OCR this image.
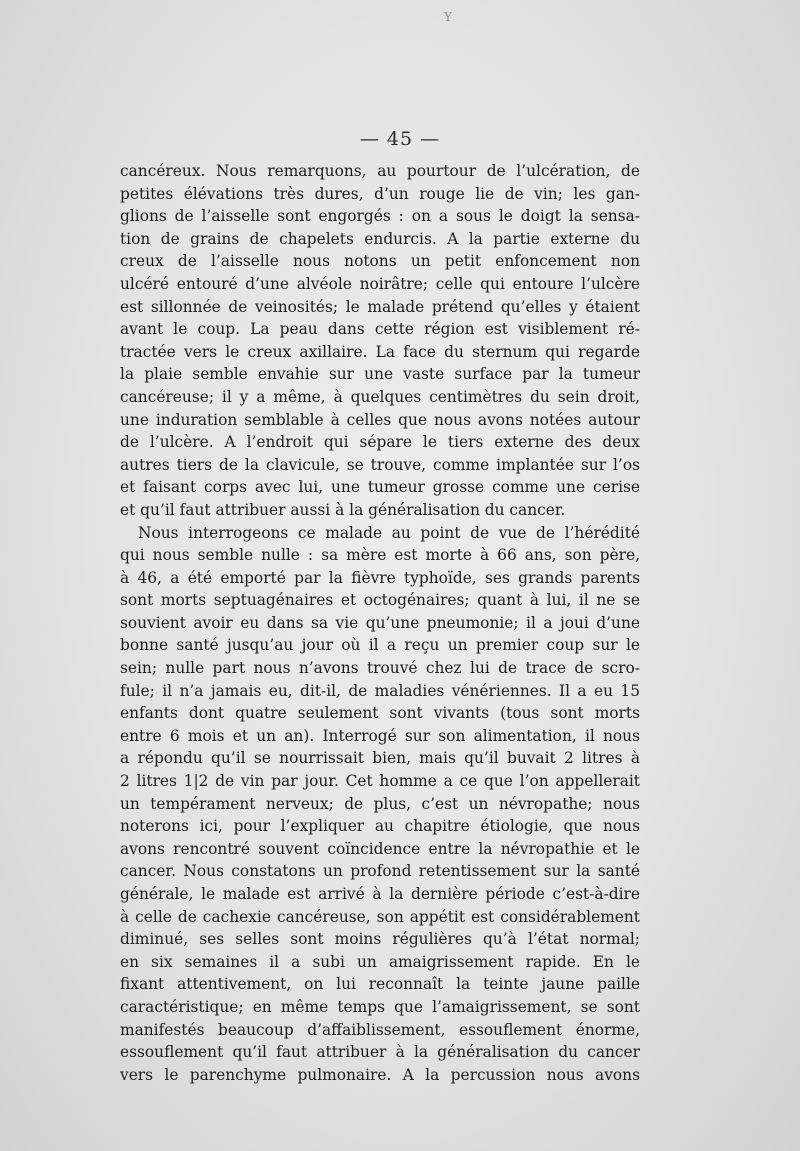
Y
— 45 —
cancéreux. Nous remarquons, au pourtour de l’ulcération, de
petites élévations très dures, d’un rouge lie de vin; les gan-
glions de l’aisselle sont engorgés : on a sous le doigt la sensa-
tion de grains de chapelets endurcis. A la partie externe du
creux de l’aisselle nous notons un petit enfoncement non
ulcéré entouré d’une alvéole noirâtre; celle qui entoure l’ulcère
est sillonnée de veinosités; le malade prétend qu’elles y étaient
avant le coup. La peau dans cette région est visiblement ré-
tractée vers le creux axillaire. La face du sternum qui regarde
la plaie semble envahie sur une vaste surface par la tumeur
cancéreuse; il y a même, à quelques centimètres du sein droit,
une induration semblable à celles que nous avons notées autour
de l’ulcère. A l’endroit qui sépare le tiers externe des deux
autres tiers de la clavicule, se trouve, comme implantée sur l’os
et faisant corps avec lui, une tumeur grosse comme une cerise
et qu’il faut attribuer aussi à la généralisation du cancer.
Nous interrogeons ce malade au point de vue de l’hérédité
qui nous semble nulle : sa mère est morte à 66 ans, son père,
à 46, a été emporté par la fièvre typhoïde, ses grands parents
sont morts septuagénaires et octogénaires; quant à lui, il ne se
souvient avoir eu dans sa vie qu’une pneumonie; il a joui d’une
bonne santé jusqu’au jour où il a reçu un premier coup sur le
sein; nulle part nous n’avons trouvé chez lui de trace de scro-
fule; il n’a jamais eu, dit-il, de maladies vénériennes. Il a eu 15
enfants dont quatre seulement sont vivants (tous sont morts
entre 6 mois et un an). Interrogé sur son alimentation, il nous
a répondu qu’il se nourrissait bien, mais qu’il buvait 2 litres à
2 litres 1|2 de vin par jour. Cet homme a ce que l’on appellerait
un tempérament nerveux; de plus, c’est un névropathe; nous
noterons ici, pour l’expliquer au chapitre étiologie, que nous
avons rencontré souvent coïncidence entre la névropathie et le
cancer. Nous constatons un profond retentissement sur la santé
générale, le malade est arrivé à la dernière période c’est-à-dire
à celle de cachexie cancéreuse, son appétit est considérablement
diminué, ses selles sont moins régulières qu’à l’état normal;
en six semaines il a subi un amaigrissement rapide. En le
fixant attentivement, on lui reconnaît la teinte jaune paille
caractéristique; en même temps que l’amaigrissement, se sont
manifestés beaucoup d’affaiblissement, essouflement énorme,
essouflement qu’il faut attribuer à la généralisation du cancer
vers le parenchyme pulmonaire. A la percussion nous avons
